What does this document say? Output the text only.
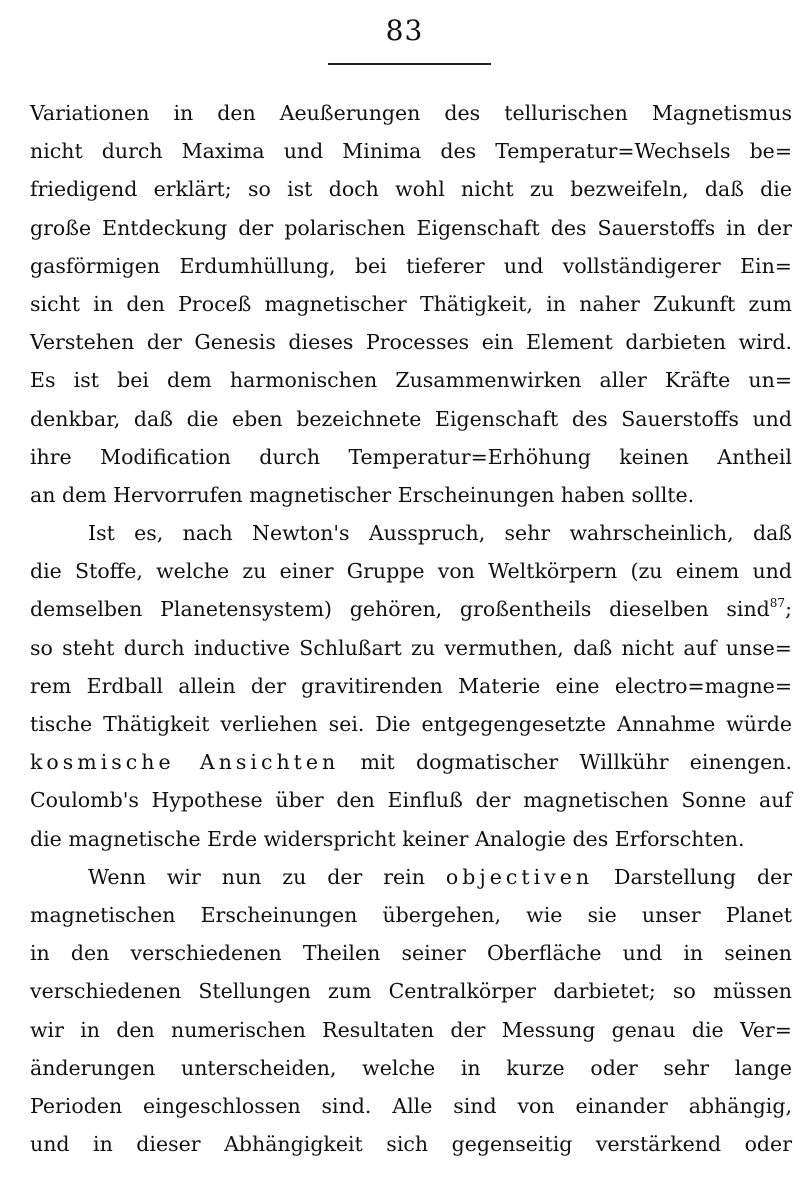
83
Variationen in den Aeußerungen des tellurischen Magnetismus
nicht durch Maxima und Minima des Temperatur=Wechsels be=
friedigend erklärt; so ist doch wohl nicht zu bezweifeln, daß die
große Entdeckung der polarischen Eigenschaft des Sauerstoffs in der
gasförmigen Erdumhüllung, bei tieferer und vollständigerer Ein=
sicht in den Proceß magnetischer Thätigkeit, in naher Zukunft zum
Verstehen der Genesis dieses Processes ein Element darbieten wird.
Es ist bei dem harmonischen Zusammenwirken aller Kräfte un=
denkbar, daß die eben bezeichnete Eigenschaft des Sauerstoffs und
ihre Modification durch Temperatur=Erhöhung keinen Antheil
an dem Hervorrufen magnetischer Erscheinungen haben sollte.
Ist es, nach Newton's Ausspruch, sehr wahrscheinlich, daß
die Stoffe, welche zu einer Gruppe von Weltkörpern (zu einem und
demselben Planetensystem) gehören, großentheils dieselben sind$^{87}$;
so steht durch inductive Schlußart zu vermuthen, daß nicht auf unse=
rem Erdball allein der gravitirenden Materie eine electro=magne=
tische Thätigkeit verliehen sei. Die entgegengesetzte Annahme würde
kosmische Ansichten mit dogmatischer Willkühr einengen.
Coulomb's Hypothese über den Einfluß der magnetischen Sonne auf
die magnetische Erde widerspricht keiner Analogie des Erforschten.
Wenn wir nun zu der rein objectiven Darstellung der
magnetischen Erscheinungen übergehen, wie sie unser Planet
in den verschiedenen Theilen seiner Oberfläche und in seinen
verschiedenen Stellungen zum Centralkörper darbietet; so müssen
wir in den numerischen Resultaten der Messung genau die Ver=
änderungen unterscheiden, welche in kurze oder sehr lange
Perioden eingeschlossen sind. Alle sind von einander abhängig,
und in dieser Abhängigkeit sich gegenseitig verstärkend oder
